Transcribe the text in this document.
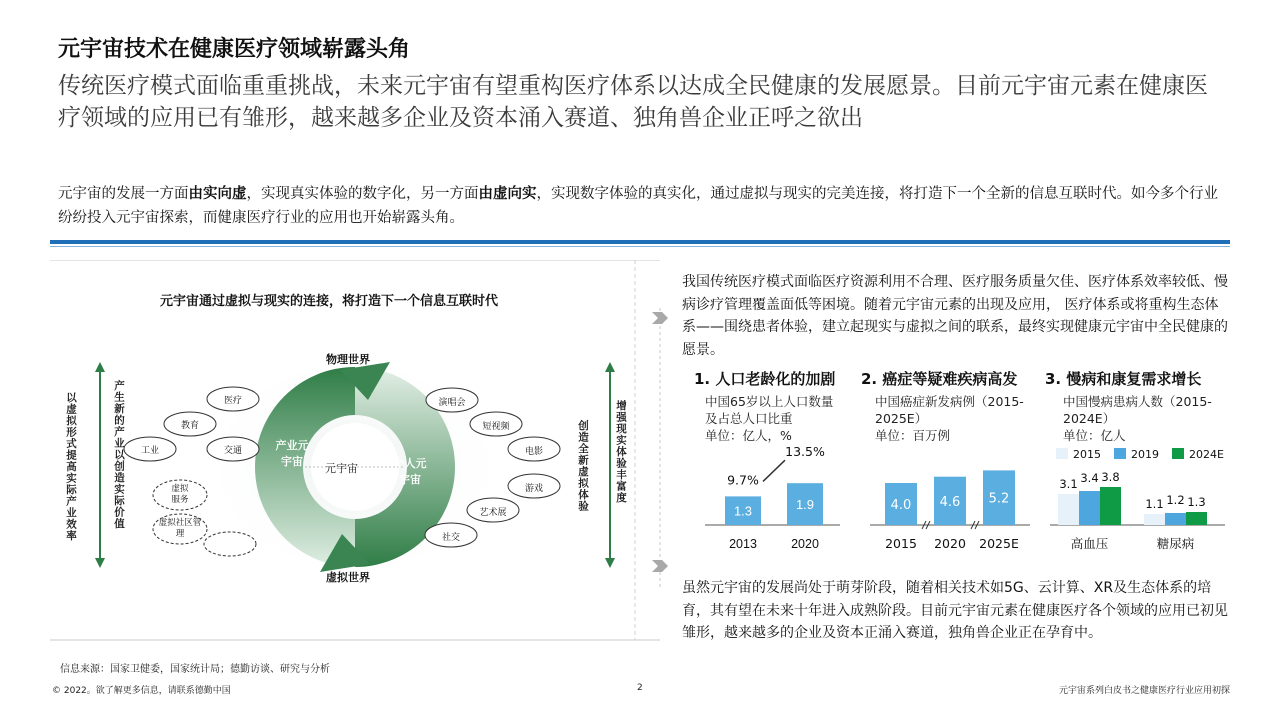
元宇宙技术在健康医疗领域崭露头角
传统医疗模式面临重重挑战，未来元宇宙有望重构医疗体系以达成全民健康的发展愿景。目前元宇宙元素在健康医疗领域的应用已有雏形，越来越多企业及资本涌入赛道、独角兽企业正呼之欲出
元宇宙的发展一方面由实向虚，实现真实体验的数字化，另一方面由虚向实，实现数字体验的真实化，通过虚拟与现实的完美连接，将打造下一个全新的信息互联时代。如今多个行业纷纷投入元宇宙探索，而健康医疗行业的应用也开始崭露头角。
元宇宙通过虚拟与现实的连接，将打造下一个信息互联时代
物理世界
虚拟世界
产业元宇宙	个人元宇宙
元宇宙
以虚拟形式提高实际产业效率	产生新的产业以创造实际价值	创造全新虚拟体验 增强现实体验丰富度
医疗
教育
交通
工业
虚拟服务
虚拟社区管理
演唱会
短视频
电影
游戏
艺术展
社交
我国传统医疗模式面临医疗资源利用不合理、医疗服务质量欠佳、医疗体系效率较低、慢病诊疗管理覆盖面低等困境。随着元宇宙元素的出现及应用， 医疗体系或将重构生态体系——围绕患者体验，建立起现实与虚拟之间的联系，最终实现健康元宇宙中全民健康的愿景。
1. 人口老龄化的加剧
中国65岁以上人口数量及占总人口比重
单位：亿人，%
1.3
2013
1.9
2020
9.7%
13.5%
2. 癌症等疑难疾病高发
中国癌症新发病例（2015-2025E）
单位：百万例
4.0
2015
4.6
2020
5.2
2025E
3. 慢病和康复需求增长
中国慢病患病人数（2015-2024E）
单位：亿人
2015	2019	2024E
3.1 3.4 3.8
高血压
1.1 1.2 1.3
糖尿病
虽然元宇宙的发展尚处于萌芽阶段，随着相关技术如5G、云计算、XR及生态体系的培育，其有望在未来十年进入成熟阶段。目前元宇宙元素在健康医疗各个领域的应用已初见雏形，越来越多的企业及资本正涌入赛道，独角兽企业正在孕育中。
信息来源：国家卫健委，国家统计局；德勤访谈、研究与分析
© 2022。欲了解更多信息，请联系德勤中国	2	元宇宙系列白皮书之健康医疗行业应用初探
